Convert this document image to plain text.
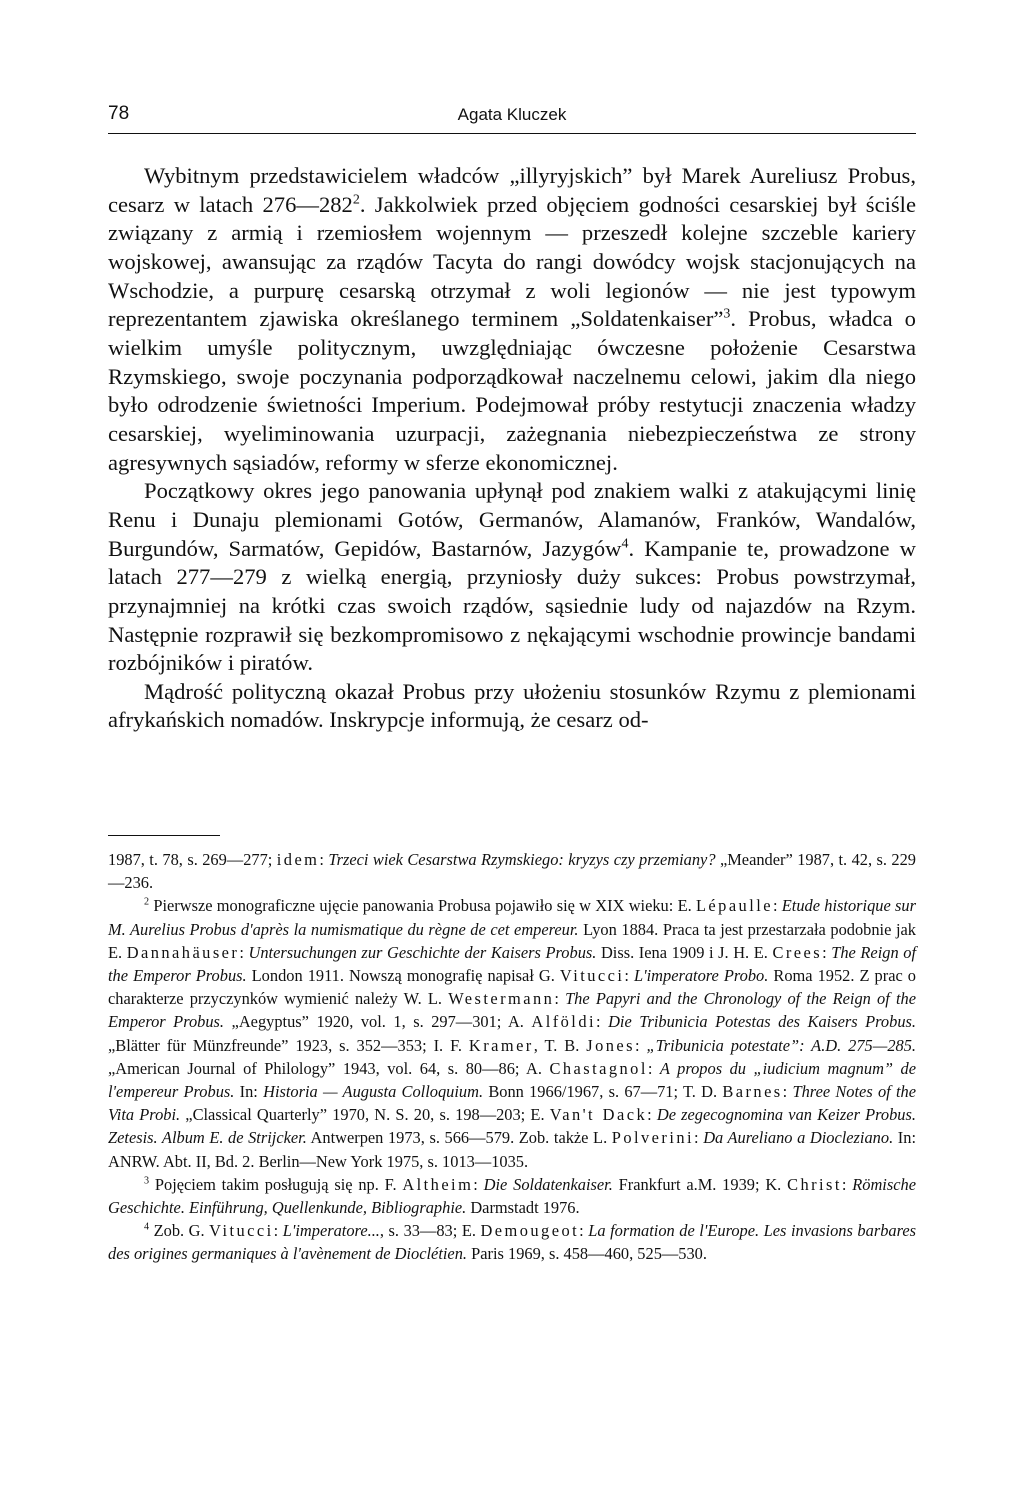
78	Agata Kluczek

Wybitnym przedstawicielem władców „illyryjskich” był Marek Aureliusz Probus, cesarz w latach $276—282^2$. Jakkolwiek przed objęciem godności cesarskiej był ściśle związany z armią i rzemiosłem wojennym — przeszedł kolejne szczeble kariery wojskowej, awansując za rządów Tacyta do rangi dowódcy wojsk stacjonujących na Wschodzie, a purpurę cesarską otrzymał z woli legionów — nie jest typowym reprezentantem zjawiska określanego terminem „Soldatenkaiser”$^3$. Probus, władca o wielkim umyśle politycznym, uwzględniając ówczesne położenie Cesarstwa Rzymskiego, swoje poczynania podporządkował naczelnemu celowi, jakim dla niego było odrodzenie świetności Imperium. Podejmował próby restytucji znaczenia władzy cesarskiej, wyeliminowania uzurpacji, zażegnania niebezpieczeństwa ze strony agresywnych sąsiadów, reformy w sferze ekonomicznej.

Początkowy okres jego panowania upłynął pod znakiem walki z atakującymi linię Renu i Dunaju plemionami Gotów, Germanów, Alamanów, Franków, Wandalów, Burgundów, Sarmatów, Gepidów, Bastarnów, Jazygów$^4$. Kampanie te, prowadzone w latach 277—279 z wielką energią, przyniosły duży sukces: Probus powstrzymał, przynajmniej na krótki czas swoich rządów, sąsiednie ludy od najazdów na Rzym. Następnie rozprawił się bezkompromisowo z nękającymi wschodnie prowincje bandami rozbójników i piratów.

Mądrość polityczną okazał Probus przy ułożeniu stosunków Rzymu z plemionami afrykańskich nomadów. Inskrypcje informują, że cesarz od-

1987, t. 78, s. 269—277; idem: Trzeci wiek Cesarstwa Rzymskiego: kryzys czy przemiany? „Meander” 1987, t. 42, s. 229—236.

$^2$ Pierwsze monograficzne ujęcie panowania Probusa pojawiło się w XIX wieku: E. Lépaulle: Etude historique sur M. Aurelius Probus d'après la numismatique du règne de cet empereur. Lyon 1884. Praca ta jest przestarzała podobnie jak E. Dannahäuser: Untersuchungen zur Geschichte der Kaisers Probus. Diss. Iena 1909 i J. H. E. Crees: The Reign of the Emperor Probus. London 1911. Nowszą monografię napisał G. Vitucci: L'imperatore Probo. Roma 1952. Z prac o charakterze przyczynków wymienić należy W. L. Westermann: The Papyri and the Chronology of the Reign of the Emperor Probus. „Aegyptus” 1920, vol. 1, s. 297—301; A. Alföldi: Die Tribunicia Potestas des Kaisers Probus. „Blätter für Münzfreunde” 1923, s. 352—353; I. F. Kramer, T. B. Jones: „Tribunicia potestate”: A.D. 275—285. „American Journal of Philology” 1943, vol. 64, s. 80—86; A. Chastagnol: A propos du „iudicium magnum” de l'empereur Probus. In: Historia — Augusta Colloquium. Bonn 1966/1967, s. 67—71; T. D. Barnes: Three Notes of the Vita Probi. „Classical Quarterly” 1970, N. S. 20, s. 198—203; E. Van't Dack: De zegecognomina van Keizer Probus. Zetesis. Album E. de Strijcker. Antwerpen 1973, s. 566—579. Zob. także L. Polverini: Da Aureliano a Diocleziano. In: ANRW. Abt. II, Bd. 2. Berlin—New York 1975, s. 1013—1035.

$^3$ Pojęciem takim posługują się np. F. Altheim: Die Soldatenkaiser. Frankfurt a.M. 1939; K. Christ: Römische Geschichte. Einführung, Quellenkunde, Bibliographie. Darmstadt 1976.

$^4$ Zob. G. Vitucci: L'imperatore..., s. 33—83; E. Demougeot: La formation de l'Europe. Les invasions barbares des origines germaniques à l'avènement de Dioclétien. Paris 1969, s. 458—460, 525—530.
